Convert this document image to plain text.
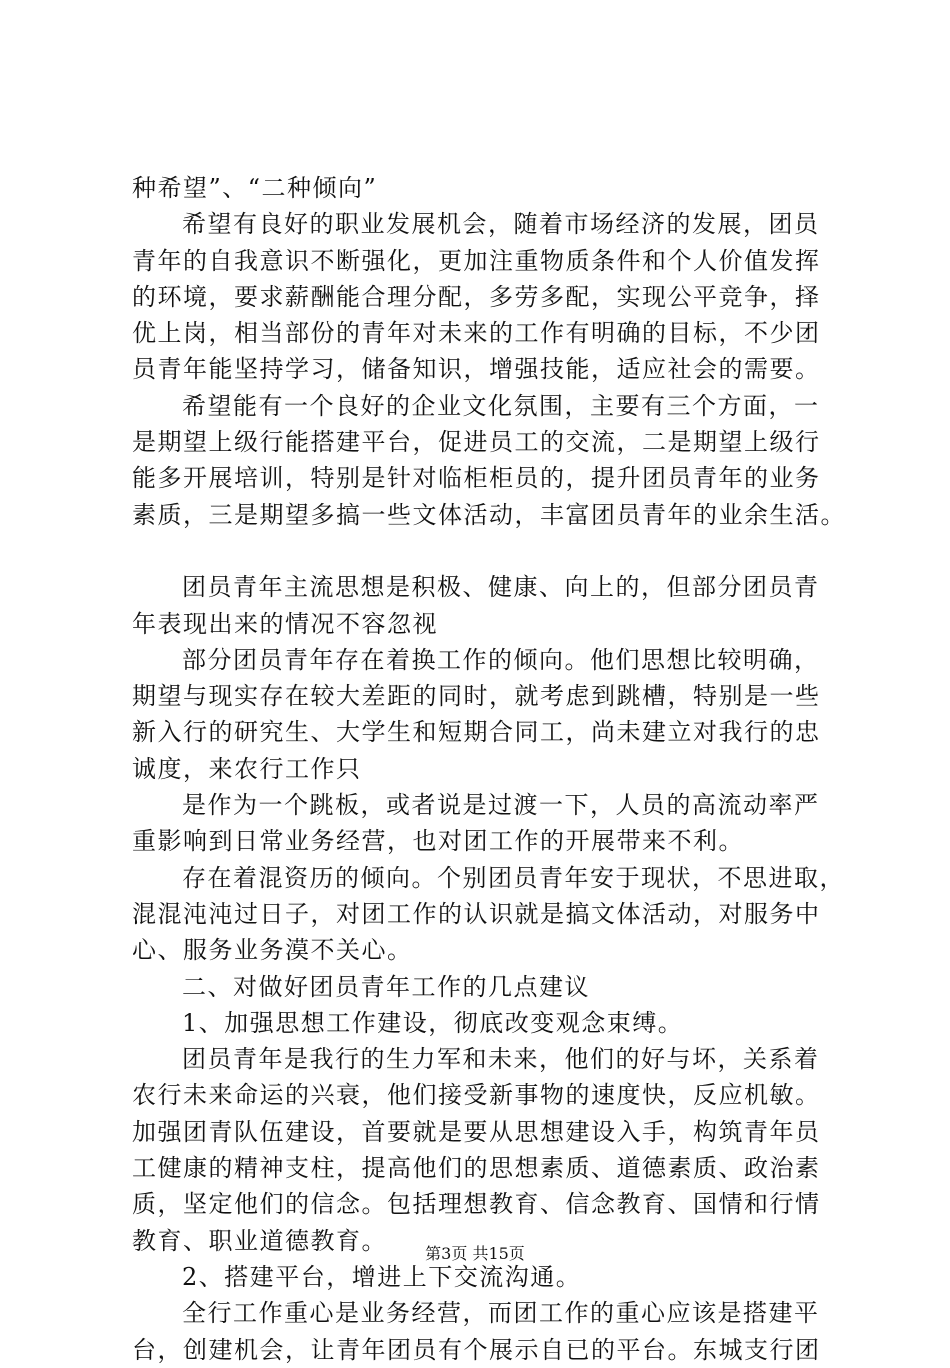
种希望”、“二种倾向”
希望有良好的职业发展机会，随着市场经济的发展，团员
青年的自我意识不断强化，更加注重物质条件和个人价值发挥
的环境，要求薪酬能合理分配，多劳多配，实现公平竞争，择
优上岗，相当部份的青年对未来的工作有明确的目标，不少团
员青年能坚持学习，储备知识，增强技能，适应社会的需要。
希望能有一个良好的企业文化氛围，主要有三个方面，一
是期望上级行能搭建平台，促进员工的交流，二是期望上级行
能多开展培训，特别是针对临柜柜员的，提升团员青年的业务
素质，三是期望多搞一些文体活动，丰富团员青年的业余生活。
团员青年主流思想是积极、健康、向上的，但部分团员青
年表现出来的情况不容忽视
部分团员青年存在着换工作的倾向。他们思想比较明确，
期望与现实存在较大差距的同时，就考虑到跳槽，特别是一些
新入行的研究生、大学生和短期合同工，尚未建立对我行的忠
诚度，来农行工作只
是作为一个跳板，或者说是过渡一下，人员的高流动率严
重影响到日常业务经营，也对团工作的开展带来不利。
存在着混资历的倾向。个别团员青年安于现状，不思进取，
混混沌沌过日子，对团工作的认识就是搞文体活动，对服务中
心、服务业务漠不关心。
二、对做好团员青年工作的几点建议
1、加强思想工作建设，彻底改变观念束缚。
团员青年是我行的生力军和未来，他们的好与坏，关系着
农行未来命运的兴衰，他们接受新事物的速度快，反应机敏。
加强团青队伍建设，首要就是要从思想建设入手，构筑青年员
工健康的精神支柱，提高他们的思想素质、道德素质、政治素
质，坚定他们的信念。包括理想教育、信念教育、国情和行情
教育、职业道德教育。
2、搭建平台，增进上下交流沟通。
全行工作重心是业务经营，而团工作的重心应该是搭建平
台，创建机会，让青年团员有个展示自已的平台。东城支行团
第3页 共15页
